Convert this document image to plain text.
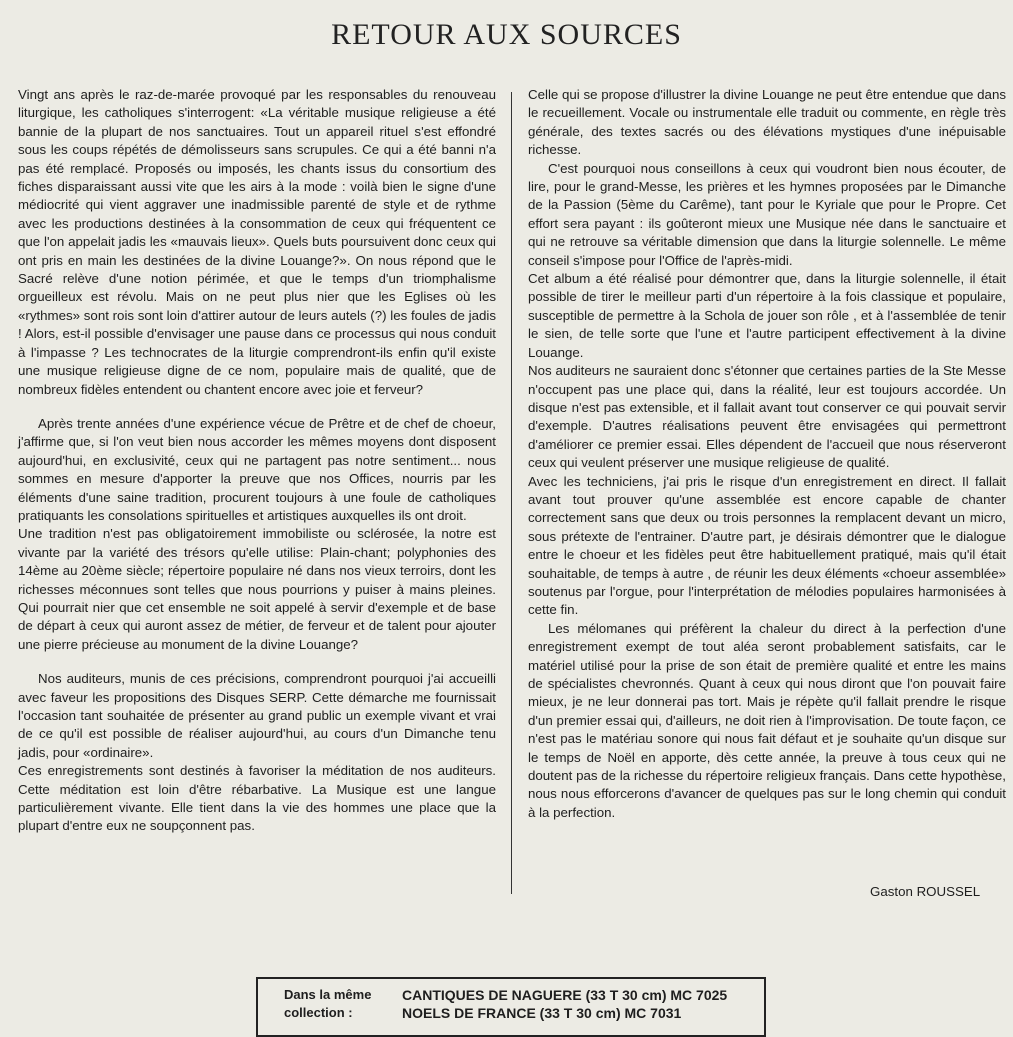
RETOUR AUX SOURCES

Vingt ans après le raz-de-marée provoqué par les responsables du renouveau liturgique, les catholiques s'interrogent: «La véritable musique religieuse a été bannie de la plupart de nos sanctuaires. Tout un appareil rituel s'est effondré sous les coups répétés de démolisseurs sans scrupules. Ce qui a été banni n'a pas été remplacé. Proposés ou imposés, les chants issus du consortium des fiches disparaissant aussi vite que les airs à la mode : voilà bien le signe d'une médiocrité qui vient aggraver une inadmissible parenté de style et de rythme avec les productions destinées à la consommation de ceux qui fréquentent ce que l'on appelait jadis les «mauvais lieux». Quels buts poursuivent donc ceux qui ont pris en main les destinées de la divine Louange?». On nous répond que le Sacré relève d'une notion périmée, et que le temps d'un triomphalisme orgueilleux est révolu. Mais on ne peut plus nier que les Eglises où les «rythmes» sont rois sont loin d'attirer autour de leurs autels (?) les foules de jadis ! Alors, est-il possible d'envisager une pause dans ce processus qui nous conduit à l'impasse ? Les technocrates de la liturgie comprendront-ils enfin qu'il existe une musique religieuse digne de ce nom, populaire mais de qualité, que de nombreux fidèles entendent ou chantent encore avec joie et ferveur?

Après trente années d'une expérience vécue de Prêtre et de chef de choeur, j'affirme que, si l'on veut bien nous accorder les mêmes moyens dont disposent aujourd'hui, en exclusivité, ceux qui ne partagent pas notre sentiment... nous sommes en mesure d'apporter la preuve que nos Offices, nourris par les éléments d'une saine tradition, procurent toujours à une foule de catholiques pratiquants les consolations spirituelles et artistiques auxquelles ils ont droit.

Une tradition n'est pas obligatoirement immobiliste ou sclérosée, la notre est vivante par la variété des trésors qu'elle utilise: Plain-chant; polyphonies des 14ème au 20ème siècle; répertoire populaire né dans nos vieux terroirs, dont les richesses méconnues sont telles que nous pourrions y puiser à mains pleines. Qui pourrait nier que cet ensemble ne soit appelé à servir d'exemple et de base de départ à ceux qui auront assez de métier, de ferveur et de talent pour ajouter une pierre précieuse au monument de la divine Louange?

Nos auditeurs, munis de ces précisions, comprendront pourquoi j'ai accueilli avec faveur les propositions des Disques SERP. Cette démarche me fournissait l'occasion tant souhaitée de présenter au grand public un exemple vivant et vrai de ce qu'il est possible de réaliser aujourd'hui, au cours d'un Dimanche tenu jadis, pour «ordinaire».

Ces enregistrements sont destinés à favoriser la méditation de nos auditeurs. Cette méditation est loin d'être rébarbative. La Musique est une langue particulièrement vivante. Elle tient dans la vie des hommes une place que la plupart d'entre eux ne soupçonnent pas.

Celle qui se propose d'illustrer la divine Louange ne peut être entendue que dans le recueillement. Vocale ou instrumentale elle traduit ou commente, en règle très générale, des textes sacrés ou des élévations mystiques d'une inépuisable richesse.

C'est pourquoi nous conseillons à ceux qui voudront bien nous écouter, de lire, pour le grand-Messe, les prières et les hymnes proposées par le Dimanche de la Passion (5ème du Carême), tant pour le Kyriale que pour le Propre. Cet effort sera payant : ils goûteront mieux une Musique née dans le sanctuaire et qui ne retrouve sa véritable dimension que dans la liturgie solennelle. Le même conseil s'impose pour l'Office de l'après-midi.

Cet album a été réalisé pour démontrer que, dans la liturgie solennelle, il était possible de tirer le meilleur parti d'un répertoire à la fois classique et populaire, susceptible de permettre à la Schola de jouer son rôle , et à l'assemblée de tenir le sien, de telle sorte que l'une et l'autre participent effectivement à la divine Louange.

Nos auditeurs ne sauraient donc s'étonner que certaines parties de la Ste Messe n'occupent pas une place qui, dans la réalité, leur est toujours accordée. Un disque n'est pas extensible, et il fallait avant tout conserver ce qui pouvait servir d'exemple. D'autres réalisations peuvent être envisagées qui permettront d'améliorer ce premier essai. Elles dépendent de l'accueil que nous réserveront ceux qui veulent préserver une musique religieuse de qualité.

Avec les techniciens, j'ai pris le risque d'un enregistrement en direct. Il fallait avant tout prouver qu'une assemblée est encore capable de chanter correctement sans que deux ou trois personnes la remplacent devant un micro, sous prétexte de l'entrainer. D'autre part, je désirais démontrer que le dialogue entre le choeur et les fidèles peut être habituellement pratiqué, mais qu'il était souhaitable, de temps à autre , de réunir les deux éléments «choeur assemblée» soutenus par l'orgue, pour l'interprétation de mélodies populaires harmonisées à cette fin.

Les mélomanes qui préfèrent la chaleur du direct à la perfection d'une enregistrement exempt de tout aléa seront probablement satisfaits, car le matériel utilisé pour la prise de son était de première qualité et entre les mains de spécialistes chevronnés. Quant à ceux qui nous diront que l'on pouvait faire mieux, je ne leur donnerai pas tort. Mais je répète qu'il fallait prendre le risque d'un premier essai qui, d'ailleurs, ne doit rien à l'improvisation. De toute façon, ce n'est pas le matériau sonore qui nous fait défaut et je souhaite qu'un disque sur le temps de Noël en apporte, dès cette année, la preuve à tous ceux qui ne doutent pas de la richesse du répertoire religieux français. Dans cette hypothèse, nous nous efforcerons d'avancer de quelques pas sur le long chemin qui conduit à la perfection.

Gaston ROUSSEL
Dans la même
collection :
CANTIQUES DE NAGUERE (33 T 30 cm) MC 7025
NOELS DE FRANCE (33 T 30 cm) MC 7031
